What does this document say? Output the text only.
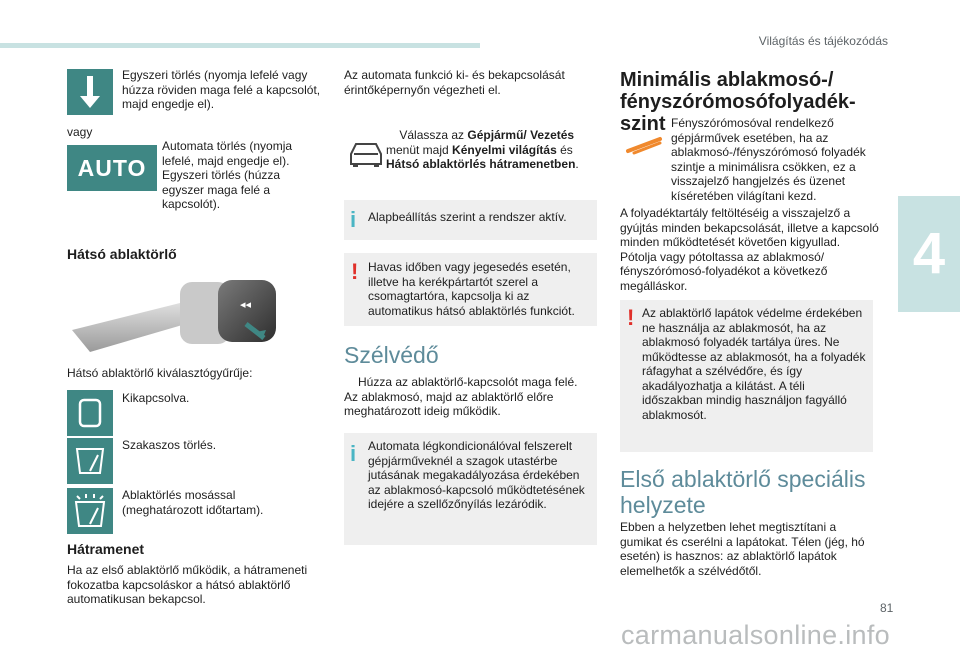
Világítás és tájékozódás
4
81
carmanualsonline.info
Egyszeri törlés (nyomja lefelé vagy húzza röviden maga felé a kapcsolót, majd engedje el).
vagy
AUTO
Automata törlés (nyomja lefelé, majd engedje el). Egyszeri törlés (húzza egyszer maga felé a kapcsolót).
Hátsó ablaktörlő
◂◂
Hátsó ablaktörlő kiválasztógyűrűje:
Kikapcsolva.
Szakaszos törlés.
Ablaktörlés mosással (meghatározott időtartam).
Hátramenet
Ha az első ablaktörlő működik, a hátrameneti fokozatba kapcsoláskor a hátsó ablaktörlő automatikusan bekapcsol.
Az automata funkció ki- és bekapcsolását érintőképernyőn végezheti el.
Válassza az Gépjármű/ Vezetés menüt majd Kényelmi világítás és Hátsó ablaktörlés hátramenetben.
i Alapbeállítás szerint a rendszer aktív.
! Havas időben vagy jegesedés esetén, illetve ha kerékpártartót szerel a csomagtartóra, kapcsolja ki az automatikus hátsó ablaktörlés funkciót.
Szélvédő
Húzza az ablaktörlő-kapcsolót maga felé. Az ablakmosó, majd az ablaktörlő előre meghatározott ideig működik.
i Automata légkondicionálóval felszerelt gépjárműveknél a szagok utastérbe jutásának megakadályozása érdekében az ablakmosó-kapcsoló működtetésének idejére a szellőzőnyílás lezáródik.
Minimális ablakmosó-/ fényszórómosófolyadék-szint Fényszórómosóval rendelkező gépjárművek esetében, ha az ablakmosó-/fényszórómosó folyadék szintje a minimálisra csökken, ez a visszajelző hangjelzés és üzenet kíséretében világítani kezd.
A folyadéktartály feltöltéséig a visszajelző a gyújtás minden bekapcsolását, illetve a kapcsoló minden működtetését követően kigyullad. Pótolja vagy pótoltassa az ablakmosó/ fényszórómosó-folyadékot a következő megálláskor.
! Az ablaktörlő lapátok védelme érdekében ne használja az ablakmosót, ha az ablakmosó folyadék tartálya üres. Ne működtesse az ablakmosót, ha a folyadék ráfagyhat a szélvédőre, és így akadályozhatja a kilátást. A téli időszakban mindig használjon fagyálló ablakmosót.
Első ablaktörlő speciális helyzete
Ebben a helyzetben lehet megtisztítani a gumikat és cserélni a lapátokat. Télen (jég, hó esetén) is hasznos: az ablaktörlő lapátok elemelhetők a szélvédőtől.
